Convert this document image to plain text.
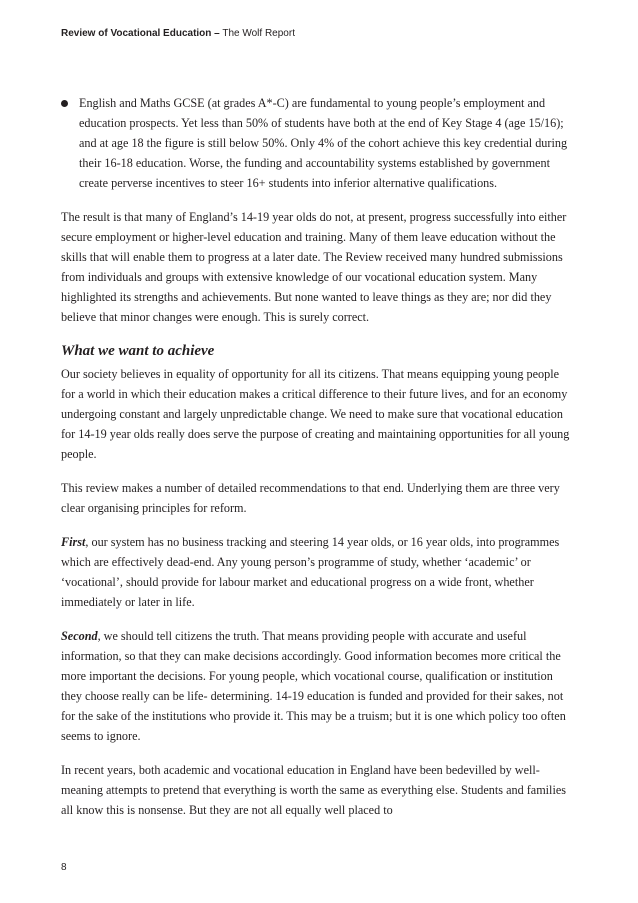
Review of Vocational Education – The Wolf Report
English and Maths GCSE (at grades A*-C) are fundamental to young people’s employment and education prospects. Yet less than 50% of students have both at the end of Key Stage 4 (age 15/16); and at age 18 the figure is still below 50%. Only 4% of the cohort achieve this key credential during their 16-18 education. Worse, the funding and accountability systems established by government create perverse incentives to steer 16+ students into inferior alternative qualifications.

The result is that many of England’s 14-19 year olds do not, at present, progress successfully into either secure employment or higher-level education and training. Many of them leave education without the skills that will enable them to progress at a later date. The Review received many hundred submissions from individuals and groups with extensive knowledge of our vocational education system. Many highlighted its strengths and achievements. But none wanted to leave things as they are; nor did they believe that minor changes were enough. This is surely correct.

What we want to achieve

Our society believes in equality of opportunity for all its citizens. That means equipping young people for a world in which their education makes a critical difference to their future lives, and for an economy undergoing constant and largely unpredictable change. We need to make sure that vocational education for 14-19 year olds really does serve the purpose of creating and maintaining opportunities for all young people.

This review makes a number of detailed recommendations to that end. Underlying them are three very clear organising principles for reform.

First, our system has no business tracking and steering 14 year olds, or 16 year olds, into programmes which are effectively dead-end. Any young person’s programme of study, whether ‘academic’ or ‘vocational’, should provide for labour market and educational progress on a wide front, whether immediately or later in life.

Second, we should tell citizens the truth. That means providing people with accurate and useful information, so that they can make decisions accordingly. Good information becomes more critical the more important the decisions. For young people, which vocational course, qualification or institution they choose really can be life- determining. 14-19 education is funded and provided for their sakes, not for the sake of the institutions who provide it. This may be a truism; but it is one which policy too often seems to ignore.

In recent years, both academic and vocational education in England have been bedevilled by well-meaning attempts to pretend that everything is worth the same as everything else. Students and families all know this is nonsense. But they are not all equally well placed to

8
